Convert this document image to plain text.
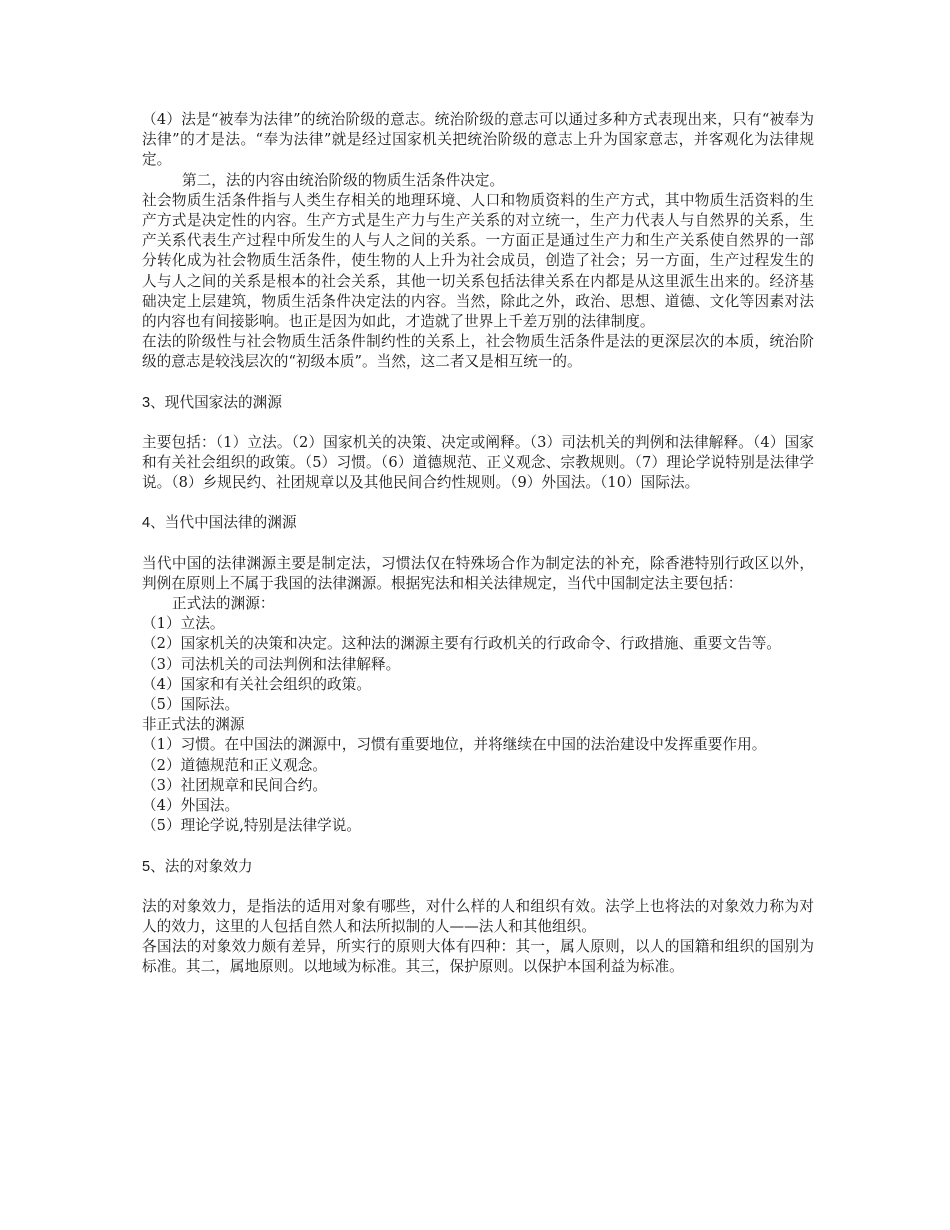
（4）法是“被奉为法律”的统治阶级的意志。统治阶级的意志可以通过多种方式表现出来，只有“被奉为法律”的才是法。“奉为法律”就是经过国家机关把统治阶级的意志上升为国家意志，并客观化为法律规定。

第二，法的内容由统治阶级的物质生活条件决定。

社会物质生活条件指与人类生存相关的地理环境、人口和物质资料的生产方式，其中物质生活资料的生产方式是决定性的内容。生产方式是生产力与生产关系的对立统一，生产力代表人与自然界的关系，生产关系代表生产过程中所发生的人与人之间的关系。一方面正是通过生产力和生产关系使自然界的一部分转化成为社会物质生活条件，使生物的人上升为社会成员，创造了社会；另一方面，生产过程发生的人与人之间的关系是根本的社会关系，其他一切关系包括法律关系在内都是从这里派生出来的。经济基础决定上层建筑，物质生活条件决定法的内容。当然，除此之外，政治、思想、道德、文化等因素对法的内容也有间接影响。也正是因为如此，才造就了世界上千差万别的法律制度。

在法的阶级性与社会物质生活条件制约性的关系上，社会物质生活条件是法的更深层次的本质，统治阶级的意志是较浅层次的“初级本质”。当然，这二者又是相互统一的。

3、现代国家法的渊源

主要包括：（1）立法。（2）国家机关的决策、决定或阐释。（3）司法机关的判例和法律解释。（4）国家和有关社会组织的政策。（5）习惯。（6）道德规范、正义观念、宗教规则。（7）理论学说特别是法律学说。（8）乡规民约、社团规章以及其他民间合约性规则。（9）外国法。（10）国际法。

4、当代中国法律的渊源

当代中国的法律渊源主要是制定法，习惯法仅在特殊场合作为制定法的补充，除香港特别行政区以外，判例在原则上不属于我国的法律渊源。根据宪法和相关法律规定，当代中国制定法主要包括：

正式法的渊源：

（1）立法。

（2）国家机关的决策和决定。这种法的渊源主要有行政机关的行政命令、行政措施、重要文告等。

（3）司法机关的司法判例和法律解释。

（4）国家和有关社会组织的政策。

（5）国际法。

非正式法的渊源

（1）习惯。在中国法的渊源中，习惯有重要地位，并将继续在中国的法治建设中发挥重要作用。

（2）道德规范和正义观念。

（3）社团规章和民间合约。

（4）外国法。

（5）理论学说,特别是法律学说。

5、法的对象效力

法的对象效力，是指法的适用对象有哪些，对什么样的人和组织有效。法学上也将法的对象效力称为对人的效力，这里的人包括自然人和法所拟制的人——法人和其他组织。

各国法的对象效力颇有差异，所实行的原则大体有四种：其一，属人原则，以人的国籍和组织的国别为标准。其二，属地原则。以地域为标准。其三，保护原则。以保护本国利益为标准。
